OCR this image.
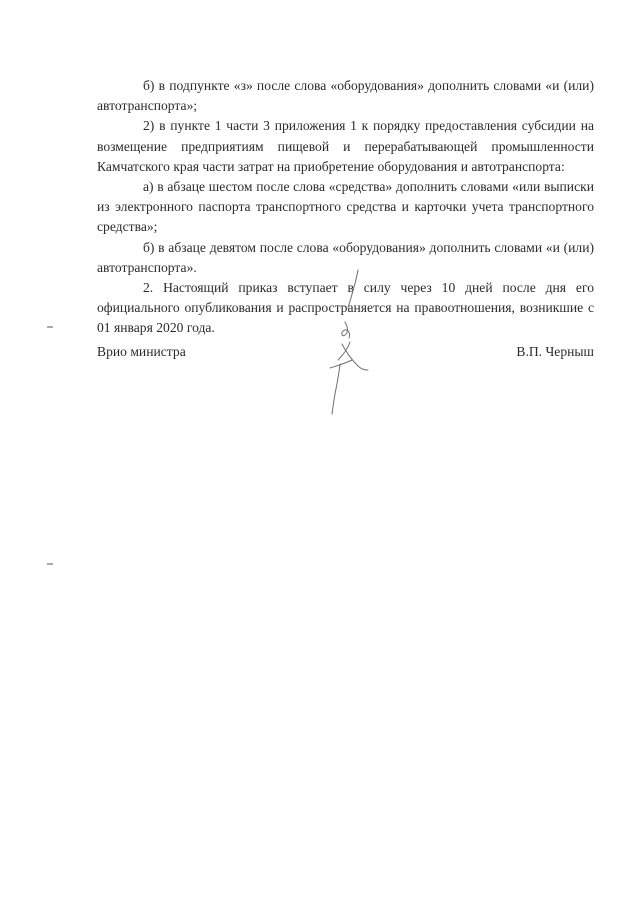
б) в подпункте «з» после слова «оборудования» дополнить словами «и (или) автотранспорта»;

2) в пункте 1 части 3 приложения 1 к порядку предоставления субсидии на возмещение предприятиям пищевой и перерабатывающей промышленности Камчатского края части затрат на приобретение оборудования и автотранспорта:

а) в абзаце шестом после слова «средства» дополнить словами «или выписки из электронного паспорта транспортного средства и карточки учета транспортного средства»;

б) в абзаце девятом после слова «оборудования» дополнить словами «и (или) автотранспорта».

2. Настоящий приказ вступает в силу через 10 дней после дня его официального опубликования и распространяется на правоотношения, возникшие с 01 января 2020 года.

Врио министра	В.П. Черныш
